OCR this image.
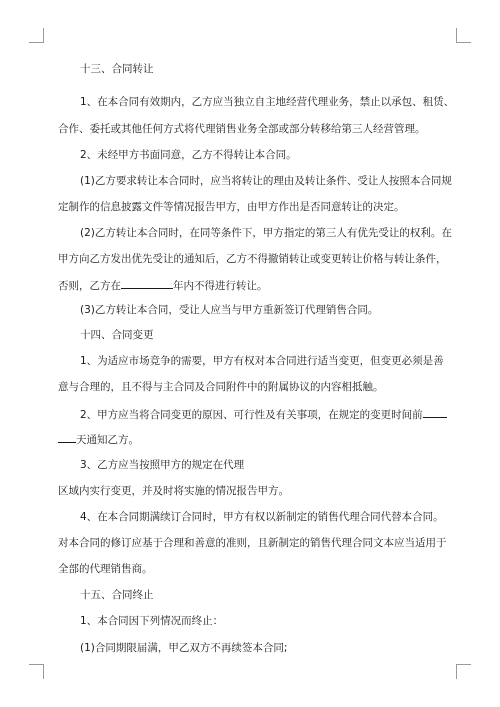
十三、合同转让
1、在本合同有效期内，乙方应当独立自主地经营代理业务，禁止以承包、租赁、
合作、委托或其他任何方式将代理销售业务全部或部分转移给第三人经营管理。
2、未经甲方书面同意，乙方不得转让本合同。
(1)乙方要求转让本合同时，应当将转让的理由及转让条件、受让人按照本合同规
定制作的信息披露文件等情况报告甲方，由甲方作出是否同意转让的决定。
(2)乙方转让本合同时，在同等条件下，甲方指定的第三人有优先受让的权利。在
甲方向乙方发出优先受让的通知后，乙方不得撤销转让或变更转让价格与转让条件，
否则，乙方在	年内不得进行转让。
(3)乙方转让本合同，受让人应当与甲方重新签订代理销售合同。
十四、合同变更
1、为适应市场竞争的需要，甲方有权对本合同进行适当变更，但变更必须是善
意与合理的，且不得与主合同及合同附件中的附属协议的内容相抵触。
2、甲方应当将合同变更的原因、可行性及有关事项，在规定的变更时间前
天通知乙方。
3、乙方应当按照甲方的规定在代理
区域内实行变更，并及时将实施的情况报告甲方。
4、在本合同期满续订合同时，甲方有权以新制定的销售代理合同代替本合同。
对本合同的修订应基于合理和善意的准则，且新制定的销售代理合同文本应当适用于
全部的代理销售商。
十五、合同终止
1、本合同因下列情况而终止：
(1)合同期限届满，甲乙双方不再续签本合同;
